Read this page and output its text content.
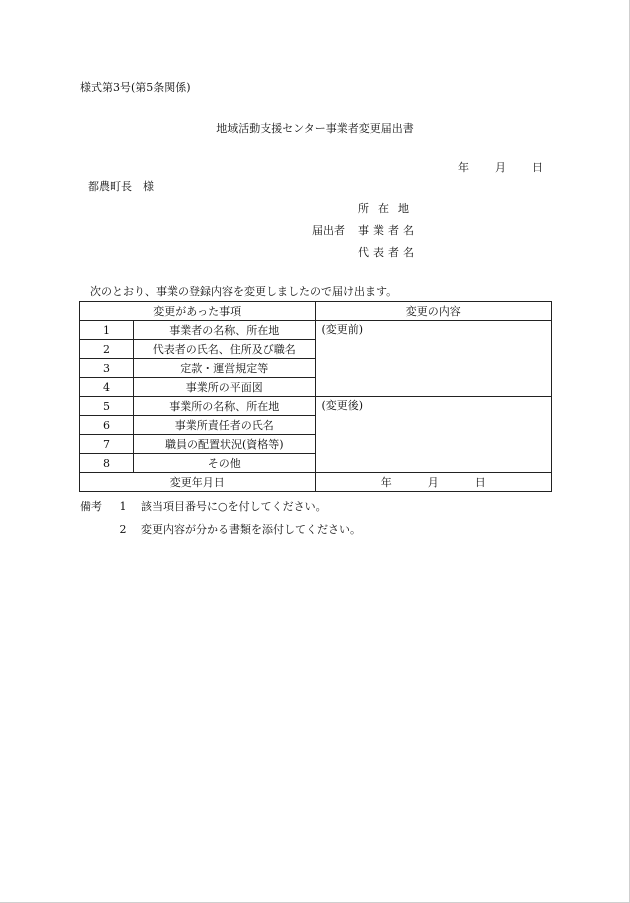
様式第3号(第5条関係)
地域活動支援センター事業者変更届出書
年 月 日
都農町長　様
所在地
届出者 事業者名
代表者名
次のとおり、事業の登録内容を変更しましたので届け出ます。
変更があった事項		変更の内容
1	事業者の名称、所在地	(変更前)
2	代表者の氏名、住所及び職名	
3	定款・運営規定等	
4	事業所の平面図	
5	事業所の名称、所在地	(変更後)
6	事業所責任者の氏名	
7	職員の配置状況(資格等)	
8	その他	
変更年月日		年 月 日
備考 1　 該当項目番号に○を付してください。
2　 変更内容が分かる書類を添付してください。
